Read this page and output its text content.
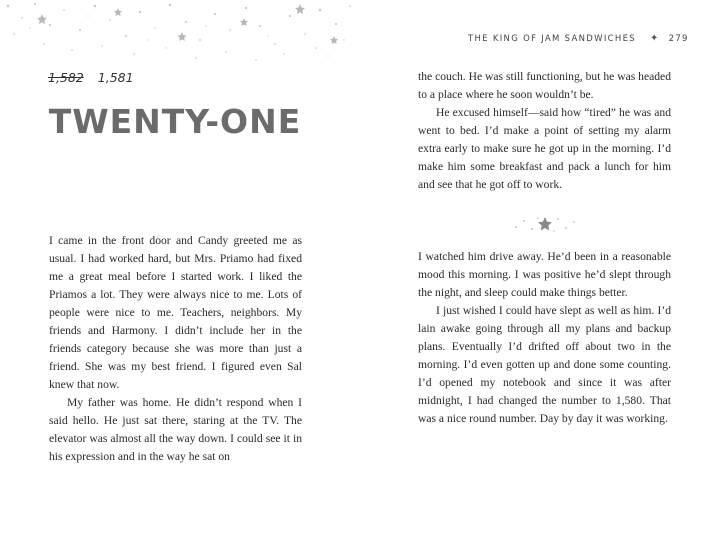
THE KING OF JAM SANDWICHES ✦ 279
1,582 1,581
TWENTY-ONE

I came in the front door and Candy greeted me as usual. I had worked hard, but Mrs. Priamo had fixed me a great meal before I started work. I liked the Priamos a lot. They were always nice to me. Lots of people were nice to me. Teachers, neighbors. My friends and Harmony. I didn’t include her in the friends category because she was more than just a friend. She was my best friend. I figured even Sal knew that now.

My father was home. He didn’t respond when I said hello. He just sat there, staring at the TV. The elevator was almost all the way down. I could see it in his expression and in the way he sat on

the couch. He was still functioning, but he was headed to a place where he soon wouldn’t be.

He excused himself—said how “tired” he was and went to bed. I’d make a point of setting my alarm extra early to make sure he got up in the morning. I’d make him some breakfast and pack a lunch for him and see that he got off to work.

I watched him drive away. He’d been in a reasonable mood this morning. I was positive he’d slept through the night, and sleep could make things better.

I just wished I could have slept as well as him. I’d lain awake going through all my plans and backup plans. Eventually I’d drifted off about two in the morning. I’d even gotten up and done some counting. I’d opened my notebook and since it was after midnight, I had changed the number to 1,580. That was a nice round number. Day by day it was working.
